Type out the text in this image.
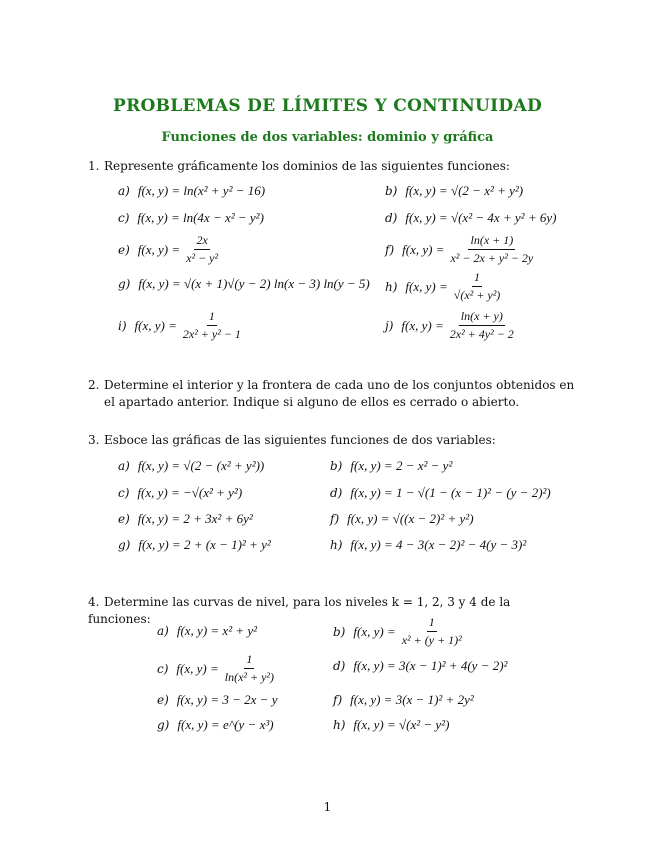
PROBLEMAS DE LÍMITES Y CONTINUIDAD
Funciones de dos variables: dominio y gráfica
1. Represente gráficamente los dominios de las siguientes funciones:
a) f(x, y) = ln(x² + y² − 16)	b) f(x, y) = √(2 − x² + y²)
c) f(x, y) = ln(4x − x² − y²)	d) f(x, y) = √(x² − 4x + y² + 6y)
e) f(x, $y) = \frac{2x}{\text{x² − y²}}$	f) f(x, $y) = \frac{\ln(x + 1)}{\text{x² − 2x + y² − 2y}}$
g) f(x, y) = √(x + 1)√(y − 2) ln(x − 3) ln(y − 5) h) f(x, $y) = \frac{1}{\text{√(x² + y²)}}$
i) f(x, $y) = \frac{1}{\text{2x² + y² − 1}}$	j) f(x, $y) = \frac{\ln(x + y)}{\text{2x² + 4y² − 2}}$
2. Determine el interior y la frontera de cada uno de los conjuntos obtenidos en el apartado anterior. Indique si alguno de ellos es cerrado o abierto.
3. Esboce las gráficas de las siguientes funciones de dos variables:
a) f(x, y) = √(2 − (x² + y²))	b) f(x, y) = 2 − x² − y²
c) f(x, y) = −√(x² + y²)	d) f(x, y) = 1 − √(1 − (x − 1)² − (y − 2)²)
e) f(x, y) = 2 + 3x² + 6y²	f) f(x, y) = √((x − 2)² + y²)
g) f(x, y) = 2 + (x − 1)² + y²	h) f(x, y) = 4 − 3(x − 2)² − 4(y − 3)²
4. Determine las curvas de nivel, para los niveles k = 1, 2, 3 y 4 de la funciones:
a) f(x, y) = x² + y²	b) f(x, $y) = \frac{1}{\text{x² + (y + 1)²}}$
c) f(x, $y) = \frac{1}{\text{ln(x² + y²)}}$	d) f(x, y) = 3(x − 1)² + 4(y − 2)²
e) f(x, y) = 3 − 2x − y	f) f(x, y) = 3(x − 1)² + 2y²
g) f(x, y) = e^(y − x³)	h) f(x, y) = √(x² − y²)
1
